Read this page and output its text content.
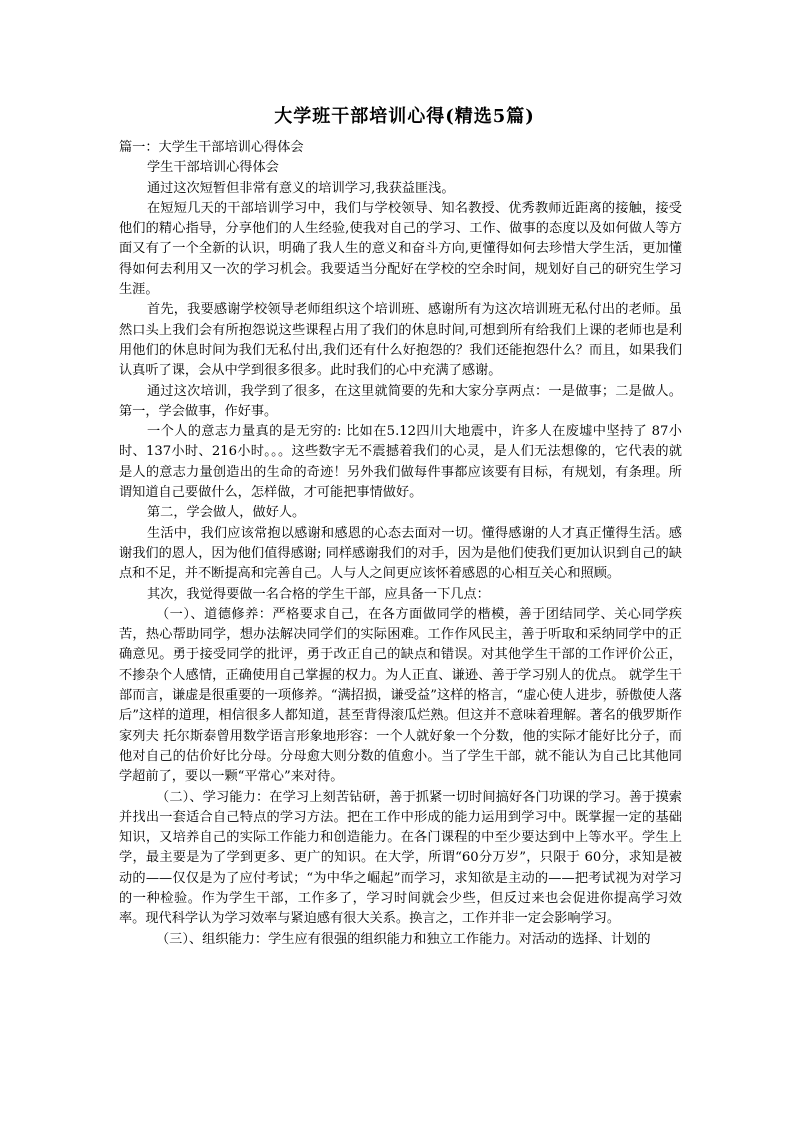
大学班干部培训心得(精选5篇)

篇一：大学生干部培训心得体会

学生干部培训心得体会

通过这次短暂但非常有意义的培训学习,我获益匪浅。

在短短几天的干部培训学习中，我们与学校领导、知名教授、优秀教师近距离的接触，接受他们的精心指导，分享他们的人生经验,使我对自己的学习、工作、做事的态度以及如何做人等方面又有了一个全新的认识，明确了我人生的意义和奋斗方向,更懂得如何去珍惜大学生活，更加懂得如何去利用又一次的学习机会。我要适当分配好在学校的空余时间，规划好自己的研究生学习生涯。

首先，我要感谢学校领导老师组织这个培训班、感谢所有为这次培训班无私付出的老师。虽然口头上我们会有所抱怨说这些课程占用了我们的休息时间,可想到所有给我们上课的老师也是利用他们的休息时间为我们无私付出,我们还有什么好抱怨的？我们还能抱怨什么？而且，如果我们认真听了课，会从中学到很多很多。此时我们的心中充满了感谢。

通过这次培训，我学到了很多，在这里就简要的先和大家分享两点：一是做事；二是做人。 第一，学会做事，作好事。

一个人的意志力量真的是无穷的: 比如在5.12四川大地震中，许多人在废墟中坚持了 87小时、137小时、216小时。。。这些数字无不震撼着我们的心灵，是人们无法想像的，它代表的就是人的意志力量创造出的生命的奇迹！另外我们做每件事都应该要有目标，有规划，有条理。所谓知道自己要做什么，怎样做，才可能把事情做好。

第二，学会做人，做好人。

生活中，我们应该常抱以感谢和感恩的心态去面对一切。懂得感谢的人才真正懂得生活。感谢我们的恩人，因为他们值得感谢; 同样感谢我们的对手，因为是他们使我们更加认识到自己的缺点和不足，并不断提高和完善自己。人与人之间更应该怀着感恩的心相互关心和照顾。

其次，我觉得要做一名合格的学生干部，应具备一下几点：

（一）、道德修养：严格要求自己，在各方面做同学的楷模，善于团结同学、关心同学疾苦，热心帮助同学，想办法解决同学们的实际困难。工作作风民主，善于听取和采纳同学中的正确意见。勇于接受同学的批评，勇于改正自己的缺点和错误。对其他学生干部的工作评价公正，不掺杂个人感情，正确使用自己掌握的权力。为人正直、谦逊、善于学习别人的优点。 就学生干部而言，谦虚是很重要的一项修养。“满招损，谦受益”这样的格言，“虚心使人进步，骄傲使人落后”这样的道理，相信很多人都知道，甚至背得滚瓜烂熟。但这并不意味着理解。著名的俄罗斯作家列夫 托尔斯泰曾用数学语言形象地形容：一个人就好象一个分数，他的实际才能好比分子，而他对自己的估价好比分母。分母愈大则分数的值愈小。当了学生干部，就不能认为自己比其他同学超前了，要以一颗“平常心”来对待。

（二）、学习能力：在学习上刻苦钻研，善于抓紧一切时间搞好各门功课的学习。善于摸索并找出一套适合自己特点的学习方法。把在工作中形成的能力运用到学习中。既掌握一定的基础知识，又培养自己的实际工作能力和创造能力。在各门课程的中至少要达到中上等水平。学生上学，最主要是为了学到更多、更广的知识。在大学，所谓“60分万岁”，只限于 60分，求知是被动的——仅仅是为了应付考试；“为中华之崛起”而学习，求知欲是主动的——把考试视为对学习的一种检验。作为学生干部，工作多了，学习时间就会少些，但反过来也会促进你提高学习效率。现代科学认为学习效率与紧迫感有很大关系。换言之，工作并非一定会影响学习。

（三）、组织能力：学生应有很强的组织能力和独立工作能力。对活动的选择、计划的
